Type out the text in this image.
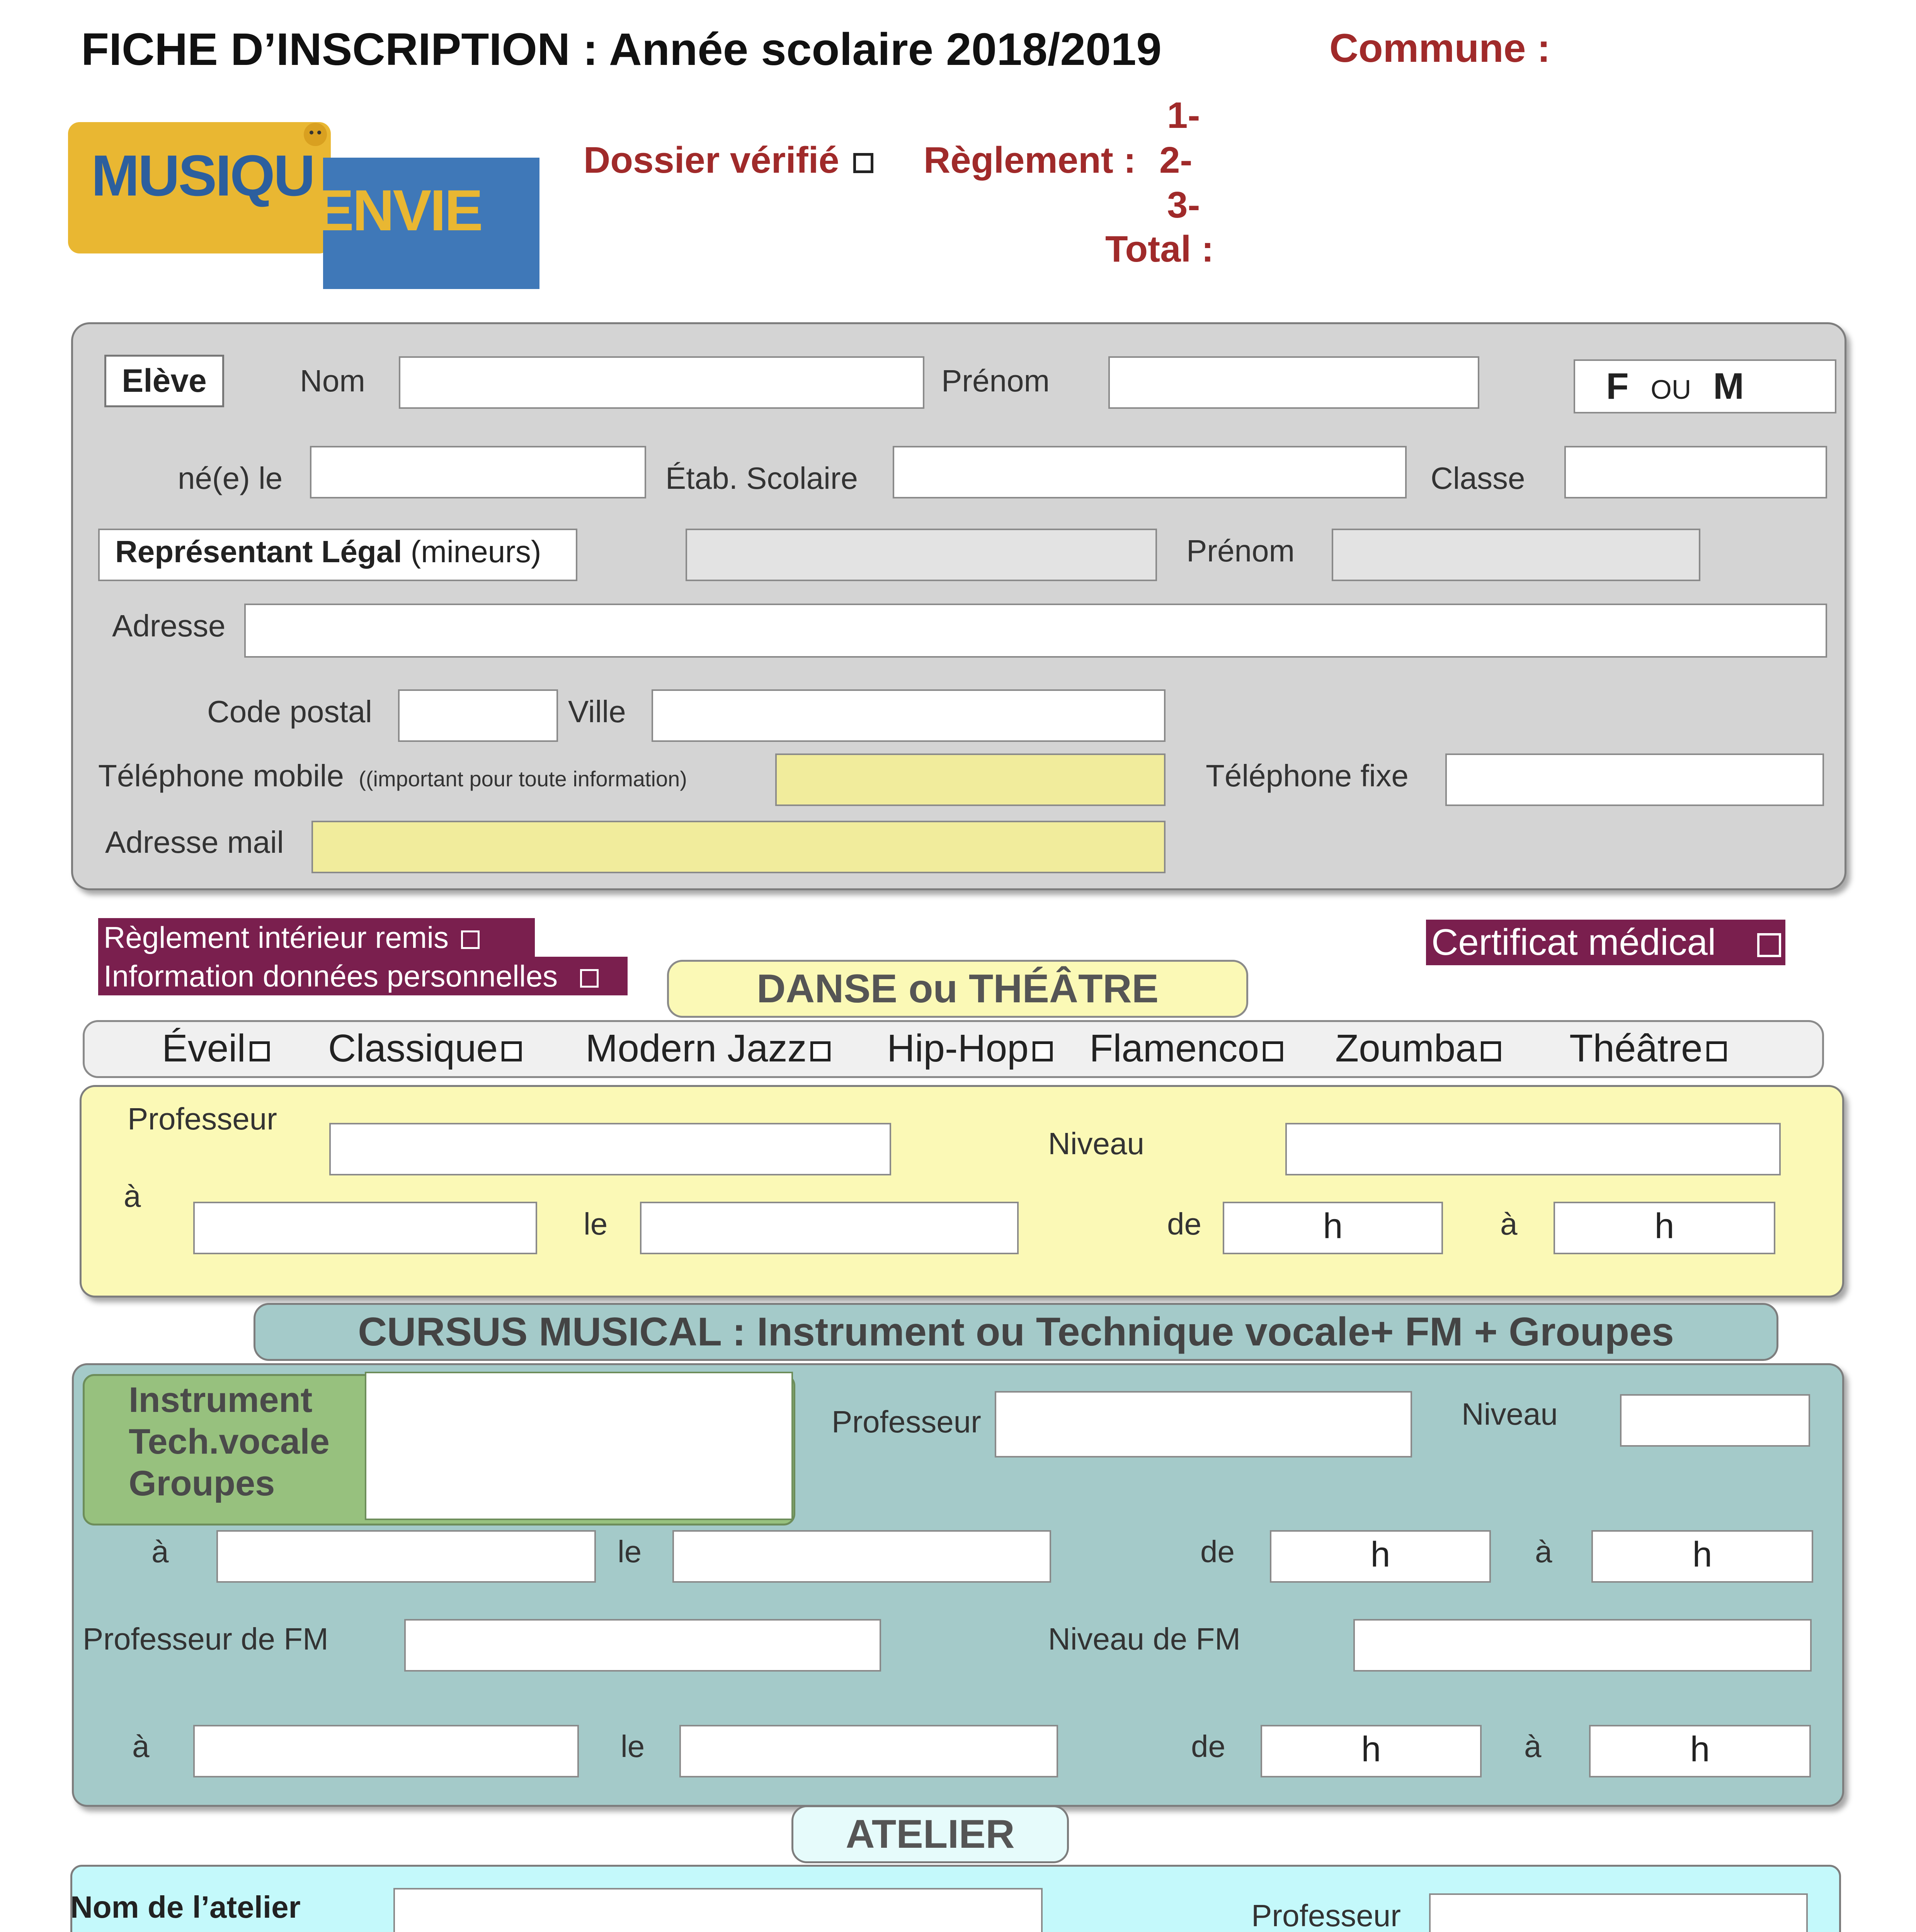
FICHE D’INSCRIPTION : Année scolaire 2018/2019	Commune :
MUSIQU
ENVIE
Dossier vérifié	Règlement :
1-
2-
3-
Total :
Elève	Nom	Prénom	F OU M
né(e) le	Étab. Scolaire	Classe
Représentant Légal (mineurs)	Prénom
Adresse
Code postal	Ville
Téléphone mobile ((important pour toute information)	Téléphone fixe
Adresse mail
Règlement intérieur remis
Information données personnelles
Certificat médical
DANSE ou THÉÂTRE
Éveil	Classique	Modern Jazz	Hip-Hop	Flamenco	Zoumba	Théâtre
Professeur
Niveau
à
le	de	h	à	h
CURSUS MUSICAL : Instrument ou Technique vocale+ FM + Groupes
Instrument
Tech.vocale
Groupes
Professeur	Niveau
à	le	de	h	à	h
Professeur de FM	Niveau de FM
à	le	de	h	à	h
ATELIER
Nom de l’atelier	Professeur
